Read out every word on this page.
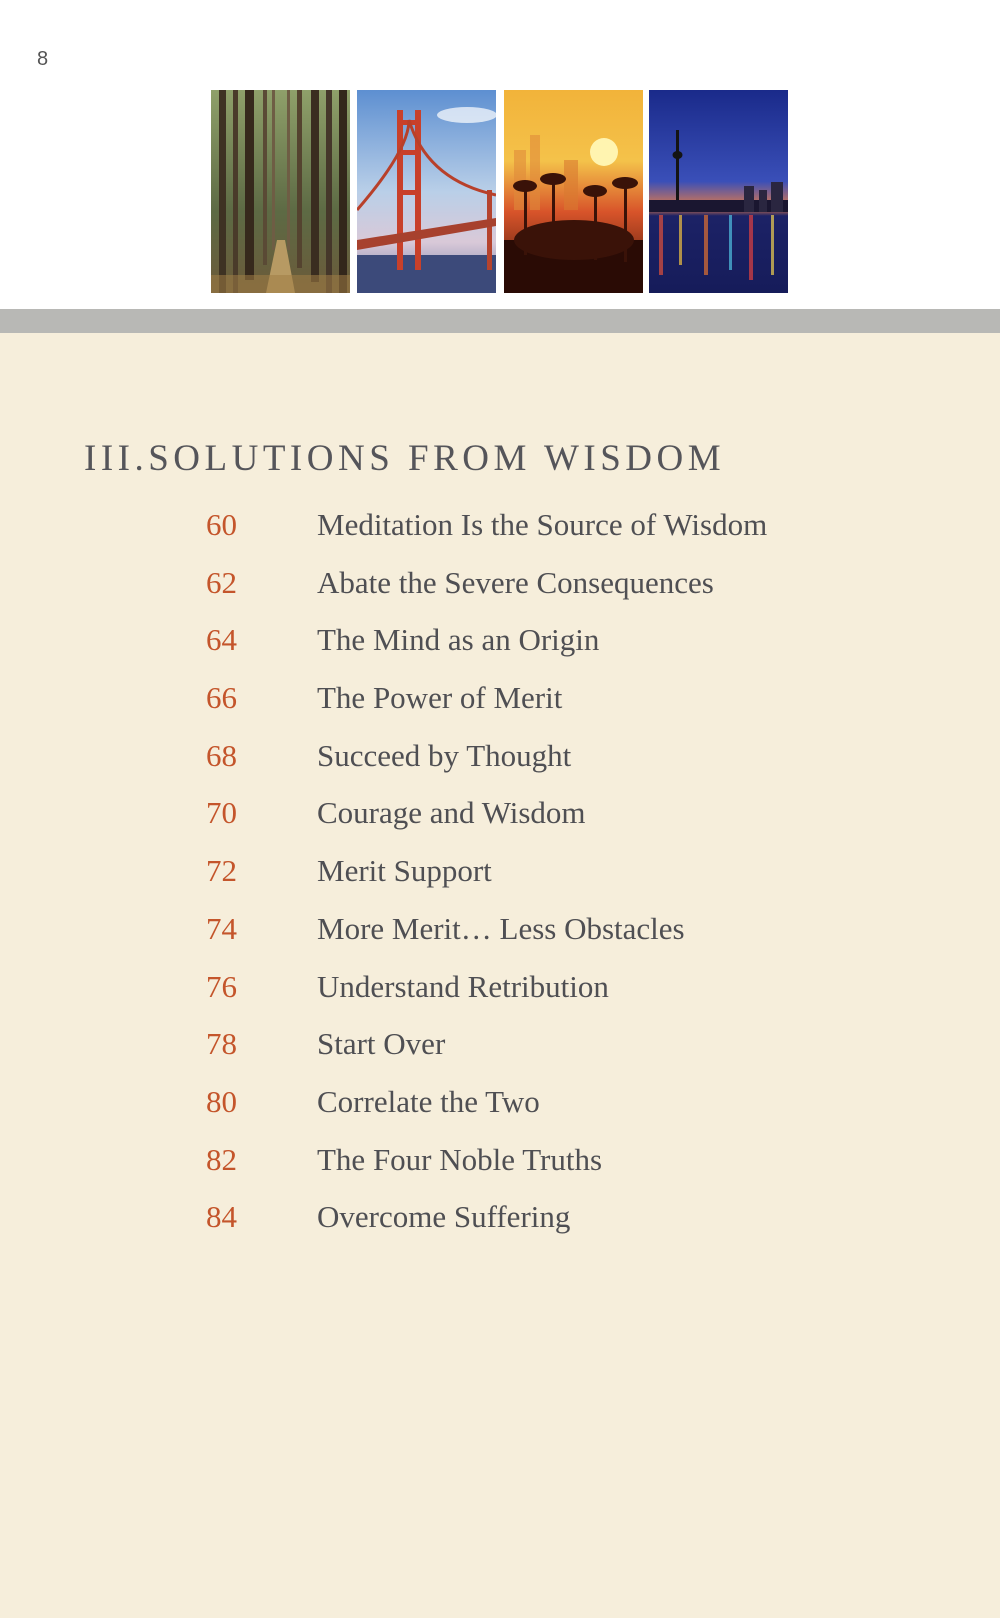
8
III.SOLUTIONS FROM WISDOM
60	Meditation Is the Source of Wisdom
62	Abate the Severe Consequences
64	The Mind as an Origin
66	The Power of Merit
68	Succeed by Thought
70	Courage and Wisdom
72	Merit Support
74	More Merit… Less Obstacles
76	Understand Retribution
78	Start Over
80	Correlate the Two
82	The Four Noble Truths
84	Overcome Suffering
